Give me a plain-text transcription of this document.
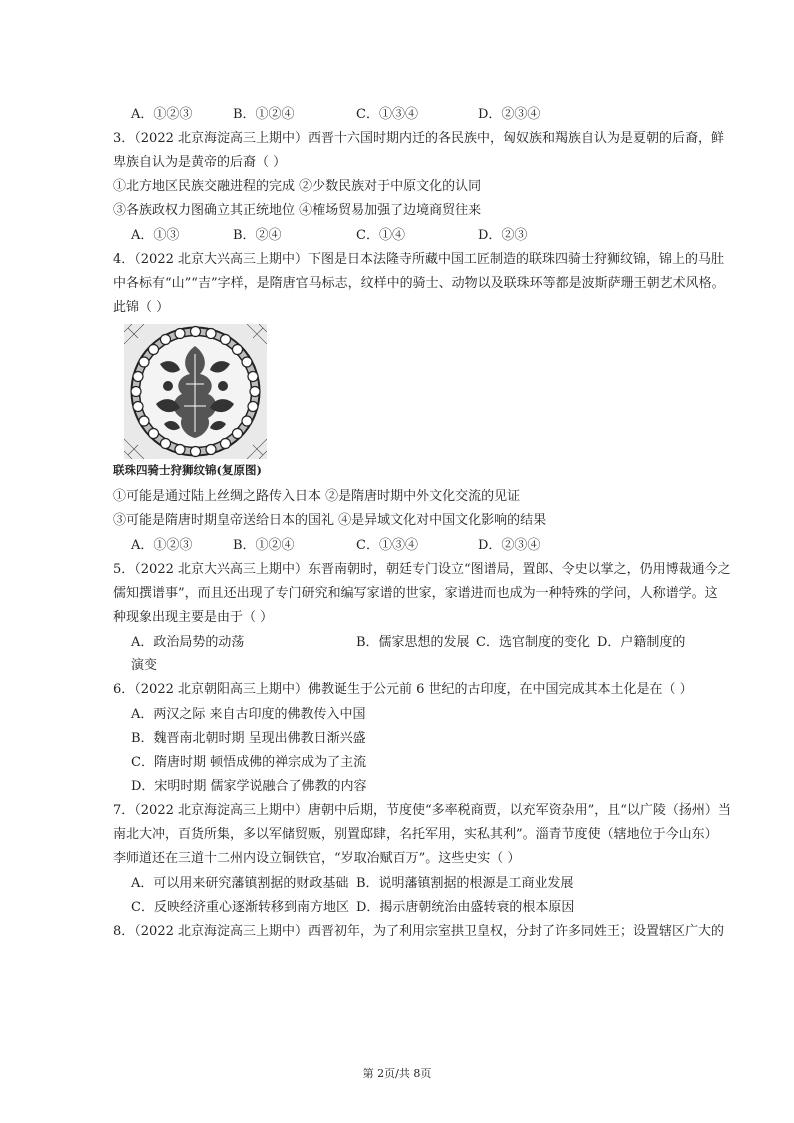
A．①②③	B．①②④	C．①③④	D．②③④
3．（2022 北京海淀高三上期中）西晋十六国时期内迁的各民族中，匈奴族和羯族自认为是夏朝的后裔，鲜
卑族自认为是黄帝的后裔（ ）
①北方地区民族交融进程的完成 ②少数民族对于中原文化的认同
③各族政权力图确立其正统地位 ④榷场贸易加强了边境商贸往来
A．①③	B．②④	C．①④	D．②③
4．（2022 北京大兴高三上期中）下图是日本法隆寺所藏中国工匠制造的联珠四骑士狩狮纹锦，锦上的马肚
中各标有“山”“吉”字样，是隋唐官马标志，纹样中的骑士、动物以及联珠环等都是波斯萨珊王朝艺术风格。
此锦（ ）
联珠四骑士狩狮纹锦(复原图)
①可能是通过陆上丝绸之路传入日本 ②是隋唐时期中外文化交流的见证
③可能是隋唐时期皇帝送给日本的国礼 ④是异域文化对中国文化影响的结果
A．①②③	B．①②④	C．①③④	D．②③④
5．（2022 北京大兴高三上期中）东晋南朝时，朝廷专门设立“图谱局，置郎、令史以掌之，仍用博裁通今之
儒知撰谱事”，而且还出现了专门研究和编写家谱的世家，家谱进而也成为一种特殊的学问，人称谱学。这
种现象出现主要是由于（ ）
A．政治局势的动荡	B．儒家思想的发展 C．选官制度的变化 D．户籍制度的
演变
6．（2022 北京朝阳高三上期中）佛教诞生于公元前 6 世纪的古印度，在中国完成其本土化是在（ ）
A．两汉之际 来自古印度的佛教传入中国
B．魏晋南北朝时期 呈现出佛教日渐兴盛
C．隋唐时期 顿悟成佛的禅宗成为了主流
D．宋明时期 儒家学说融合了佛教的内容
7．（2022 北京海淀高三上期中）唐朝中后期，节度使“多率税商贾，以充军资杂用”，且“以广陵（扬州）当
南北大冲，百货所集，多以军储贸贩，别置邸肆，名托军用，实私其利”。淄青节度使（辖地位于今山东）
李师道还在三道十二州内设立铜铁官，“岁取冶赋百万”。这些史实（ ）
A．可以用来研究藩镇割据的财政基础 B．说明藩镇割据的根源是工商业发展
C．反映经济重心逐渐转移到南方地区 D．揭示唐朝统治由盛转衰的根本原因
8．（2022 北京海淀高三上期中）西晋初年，为了利用宗室拱卫皇权，分封了许多同姓王；设置辖区广大的
第 2页/共 8页
